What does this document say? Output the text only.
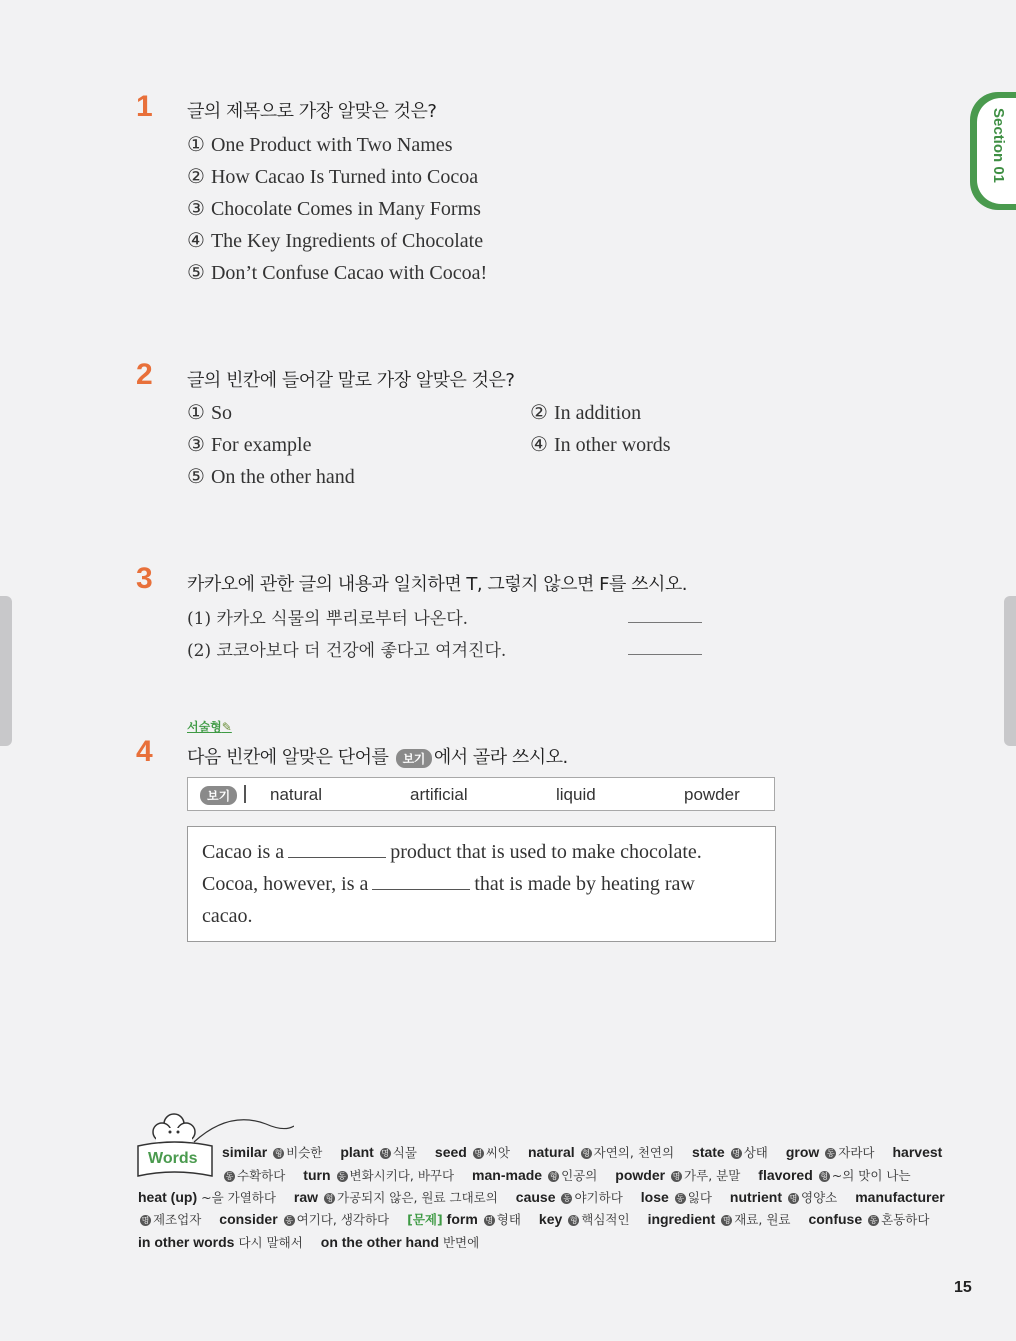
Section 01
1 글의 제목으로 가장 알맞은 것은?
① One Product with Two Names
② How Cacao Is Turned into Cocoa
③ Chocolate Comes in Many Forms
④ The Key Ingredients of Chocolate
⑤ Don’t Confuse Cacao with Cocoa!
2 글의 빈칸에 들어갈 말로 가장 알맞은 것은?
① So	② In addition
③ For example	④ In other words
⑤ On the other hand
3 카카오에 관한 글의 내용과 일치하면 T, 그렇지 않으면 F를 쓰시오.
(1) 카카오 식물의 뿌리로부터 나온다.
(2) 코코아보다 더 건강에 좋다고 여겨진다.
서술형✎
4 다음 빈칸에 알맞은 단어를 보기 에서 골라 쓰시오.
보기	natural	artificial	liquid	powder
Cacao is a	product that is used to make chocolate.
Cocoa, however, is a	that is made by heating raw
cacao.
Words similar 형 비슷한 plant 명 식물 seed 명 씨앗 natural 형 자연의, 천연의 state 명 상태 grow 동 자라다 harvest
동 수확하다 turn 동 변화시키다, 바꾸다 man-made 형 인공의 powder 명 가루, 분말 flavored 형 ~의 맛이 나는
heat (up) ~을 가열하다 raw 형 가공되지 않은, 원료 그대로의 cause 동 야기하다 lose 동 잃다 nutrient 명 영양소 manufacturer
명 제조업자 consider 동 여기다, 생각하다 [문제] form 명 형태 key 형 핵심적인 ingredient 명 재료, 원료 confuse 동 혼동하다
in other words 다시 말해서 on the other hand 반면에
15
